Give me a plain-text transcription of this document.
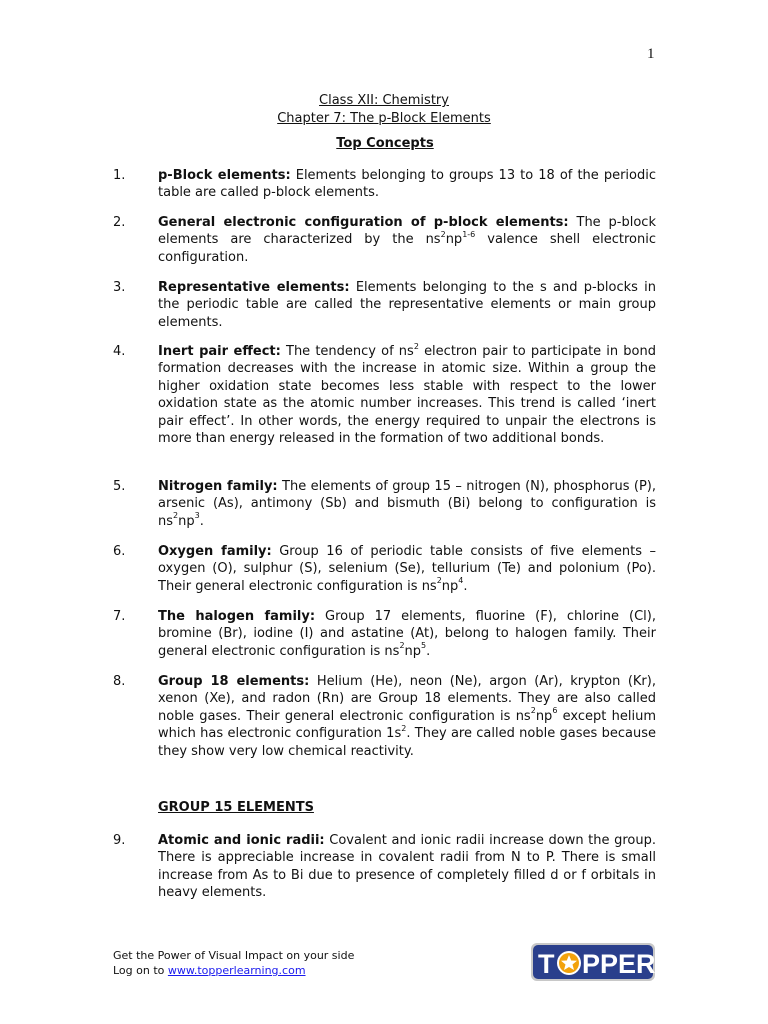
1
Class XII: Chemistry
Chapter 7: The p-Block Elements
Top Concepts
1.	p-Block elements: Elements belonging to groups 13 to 18 of the periodic table are called p-block elements.
2.	General electronic configuration of p-block elements: The p-block elements are characterized by the $ns^2np^{1-6}$ valence shell electronic configuration.
3.	Representative elements: Elements belonging to the s and p-blocks in the periodic table are called the representative elements or main group elements.
4.	Inert pair effect: The tendency of $ns^2$ electron pair to participate in bond formation decreases with the increase in atomic size. Within a group the higher oxidation state becomes less stable with respect to the lower oxidation state as the atomic number increases. This trend is called ‘inert pair effect’. In other words, the energy required to unpair the electrons is more than energy released in the formation of two additional bonds.
5.	Nitrogen family: The elements of group 15 – nitrogen (N), phosphorus (P), arsenic (As), antimony (Sb) and bismuth (Bi) belong to configuration is $ns^2np^3$.
6.	Oxygen family: Group 16 of periodic table consists of five elements – oxygen (O), sulphur (S), selenium (Se), tellurium (Te) and polonium (Po). Their general electronic configuration is $ns^2np^4$.
7.	The halogen family: Group 17 elements, fluorine (F), chlorine (Cl), bromine (Br), iodine (I) and astatine (At), belong to halogen family. Their general electronic configuration is $ns^2np^5$.
8.	Group 18 elements: Helium (He), neon (Ne), argon (Ar), krypton (Kr), xenon (Xe), and radon (Rn) are Group 18 elements. They are also called noble gases. Their general electronic configuration is $ns^2np^6$ except helium which has electronic configuration $1s^2$. They are called noble gases because they show very low chemical reactivity.
GROUP 15 ELEMENTS
9.	Atomic and ionic radii: Covalent and ionic radii increase down the group. There is appreciable increase in covalent radii from N to P. There is small increase from As to Bi due to presence of completely filled d or f orbitals in heavy elements.
Get the Power of Visual Impact on your side
Log on to www.topperlearning.com	T PPER
